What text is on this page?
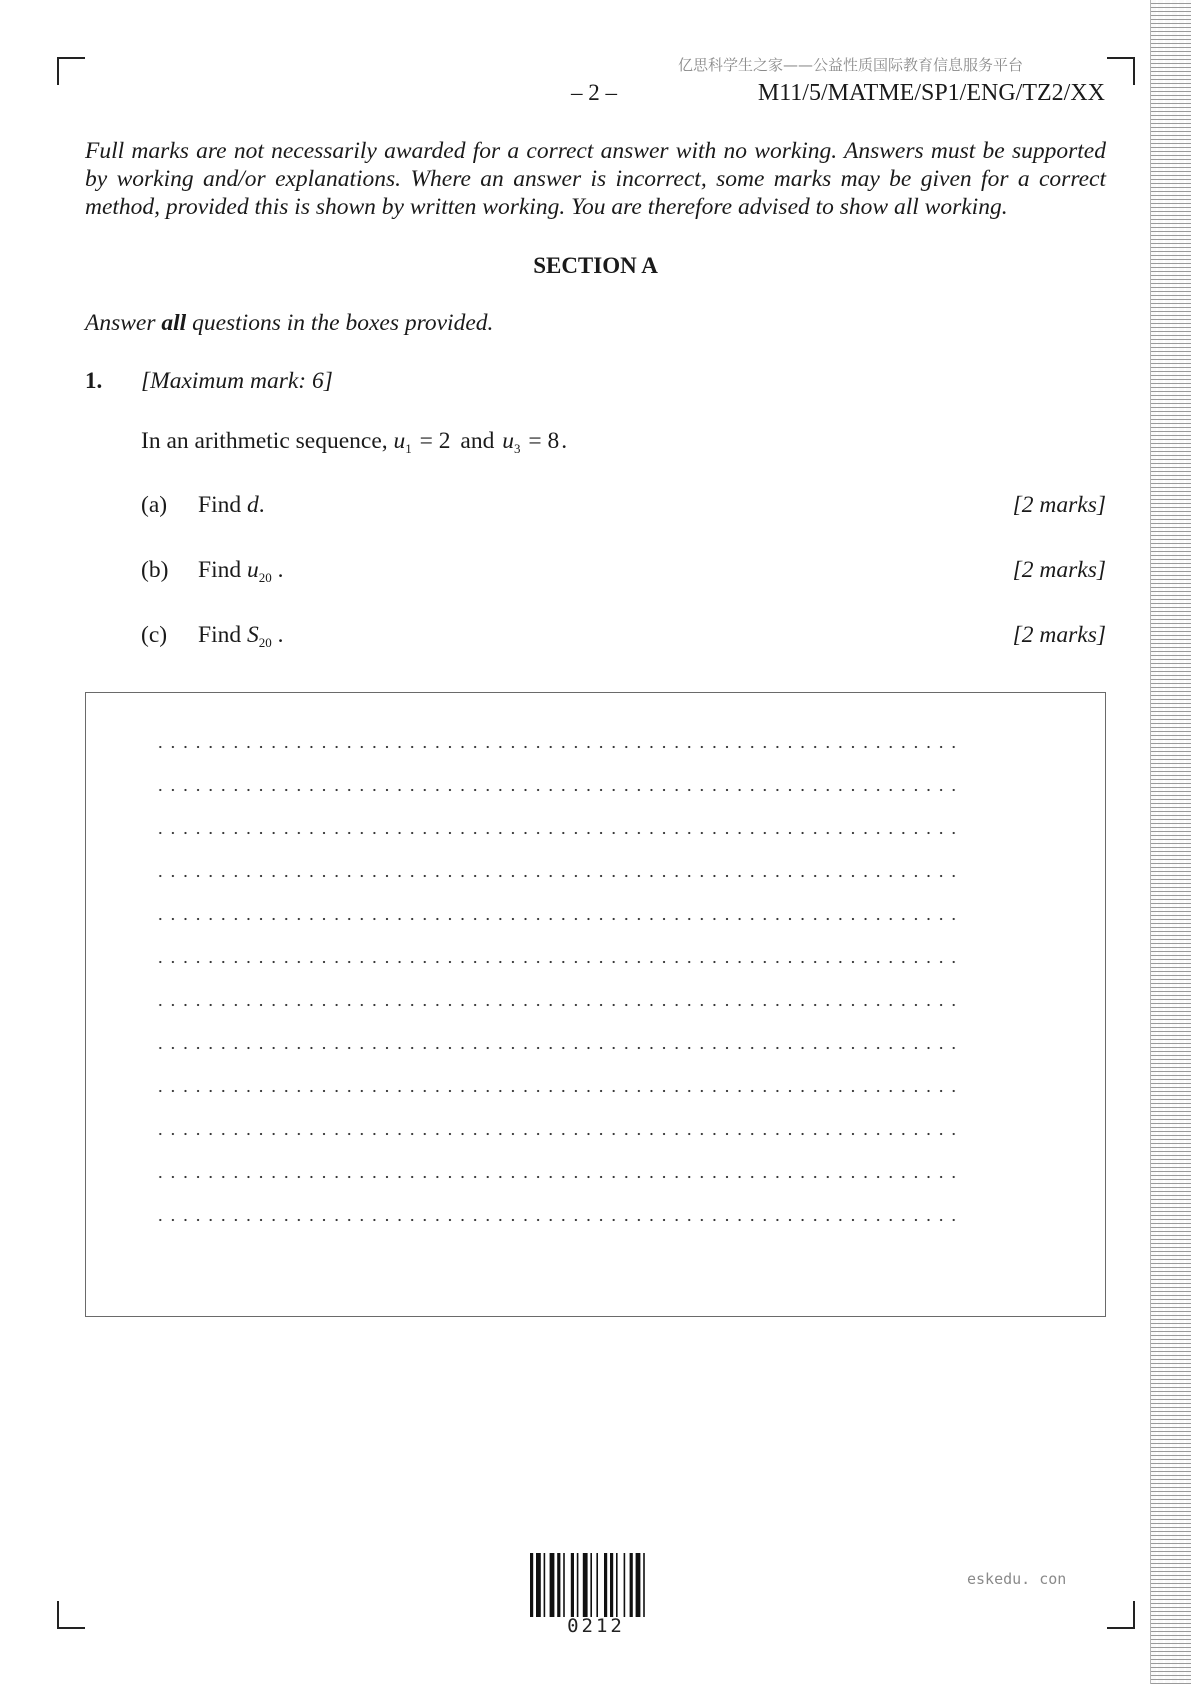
亿思科学生之家——公益性质国际教育信息服务平台
– 2 –	M11/5/MATME/SP1/ENG/TZ2/XX
Full marks are not necessarily awarded for a correct answer with no working. Answers must be supported by working and/or explanations. Where an answer is incorrect, some marks may be given for a correct method, provided this is shown by written working. You are therefore advised to show all working.
SECTION A
Answer all questions in the boxes provided.
1. [Maximum mark: 6]
In an arithmetic sequence, $u_1 = 2$ and $u_3 = 8$.
(a) Find d.	[2 marks]
(b) Find $u_{20}$ .	[2 marks]
(c) Find $S_{20}$ .	[2 marks]
0212
eskedu. con
